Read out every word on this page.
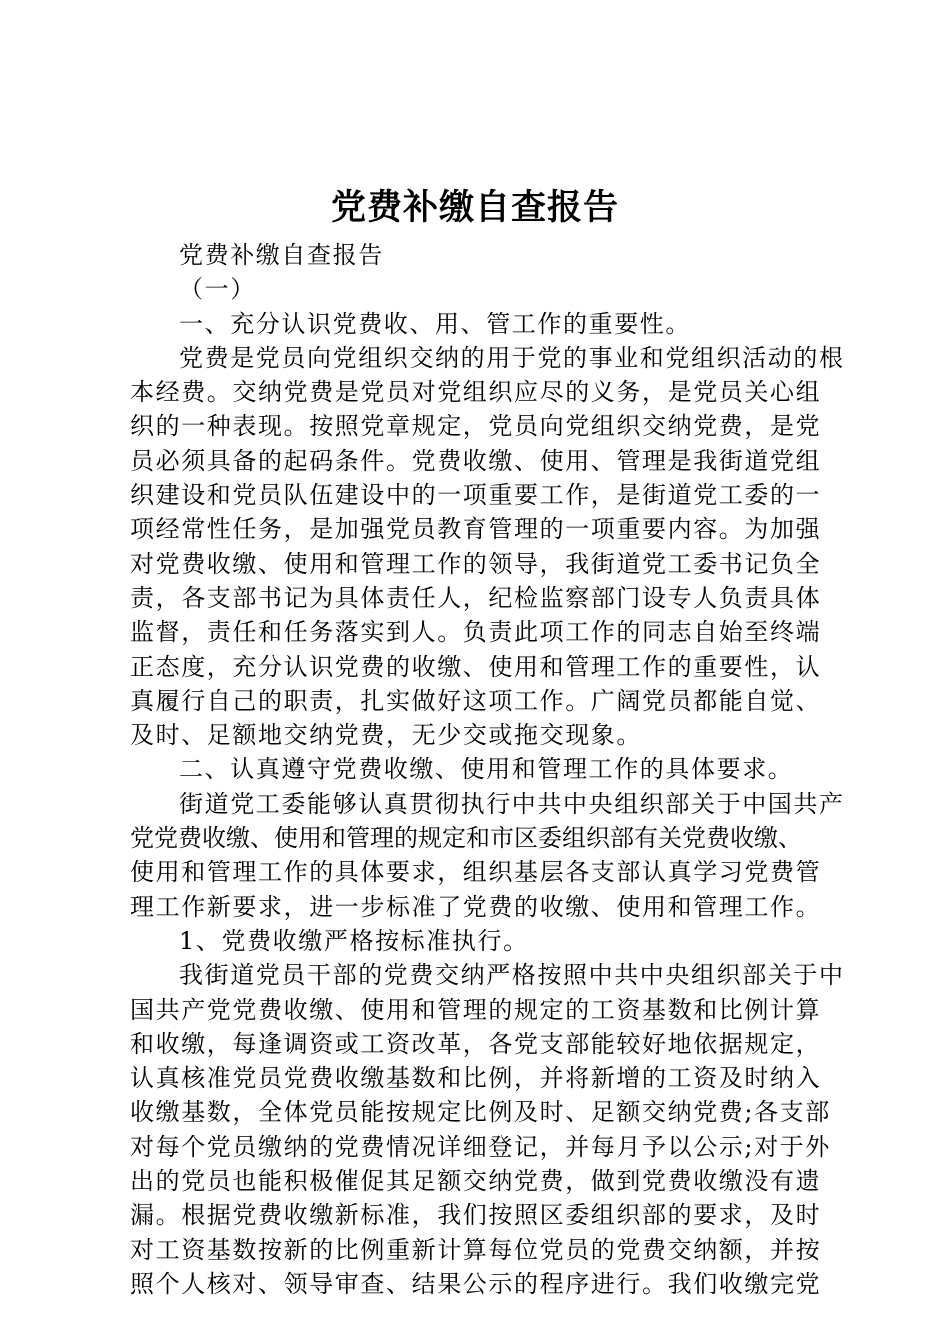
党费补缴自查报告
党费补缴自查报告
（一）
一、充分认识党费收、用、管工作的重要性。
党费是党员向党组织交纳的用于党的事业和党组织活动的根
本经费。交纳党费是党员对党组织应尽的义务，是党员关心组
织的一种表现。按照党章规定，党员向党组织交纳党费，是党
员必须具备的起码条件。党费收缴、使用、管理是我街道党组
织建设和党员队伍建设中的一项重要工作，是街道党工委的一
项经常性任务，是加强党员教育管理的一项重要内容。为加强
对党费收缴、使用和管理工作的领导，我街道党工委书记负全
责，各支部书记为具体责任人，纪检监察部门设专人负责具体
监督，责任和任务落实到人。负责此项工作的同志自始至终端
正态度，充分认识党费的收缴、使用和管理工作的重要性，认
真履行自己的职责，扎实做好这项工作。广阔党员都能自觉、
及时、足额地交纳党费，无少交或拖交现象。
二、认真遵守党费收缴、使用和管理工作的具体要求。
街道党工委能够认真贯彻执行中共中央组织部关于中国共产
党党费收缴、使用和管理的规定和市区委组织部有关党费收缴、
使用和管理工作的具体要求，组织基层各支部认真学习党费管
理工作新要求，进一步标准了党费的收缴、使用和管理工作。
1、党费收缴严格按标准执行。
我街道党员干部的党费交纳严格按照中共中央组织部关于中
国共产党党费收缴、使用和管理的规定的工资基数和比例计算
和收缴，每逢调资或工资改革，各党支部能较好地依据规定，
认真核准党员党费收缴基数和比例，并将新增的工资及时纳入
收缴基数，全体党员能按规定比例及时、足额交纳党费;各支部
对每个党员缴纳的党费情况详细登记，并每月予以公示;对于外
出的党员也能积极催促其足额交纳党费，做到党费收缴没有遗
漏。根据党费收缴新标准，我们按照区委组织部的要求，及时
对工资基数按新的比例重新计算每位党员的党费交纳额，并按
照个人核对、领导审查、结果公示的程序进行。我们收缴完党
